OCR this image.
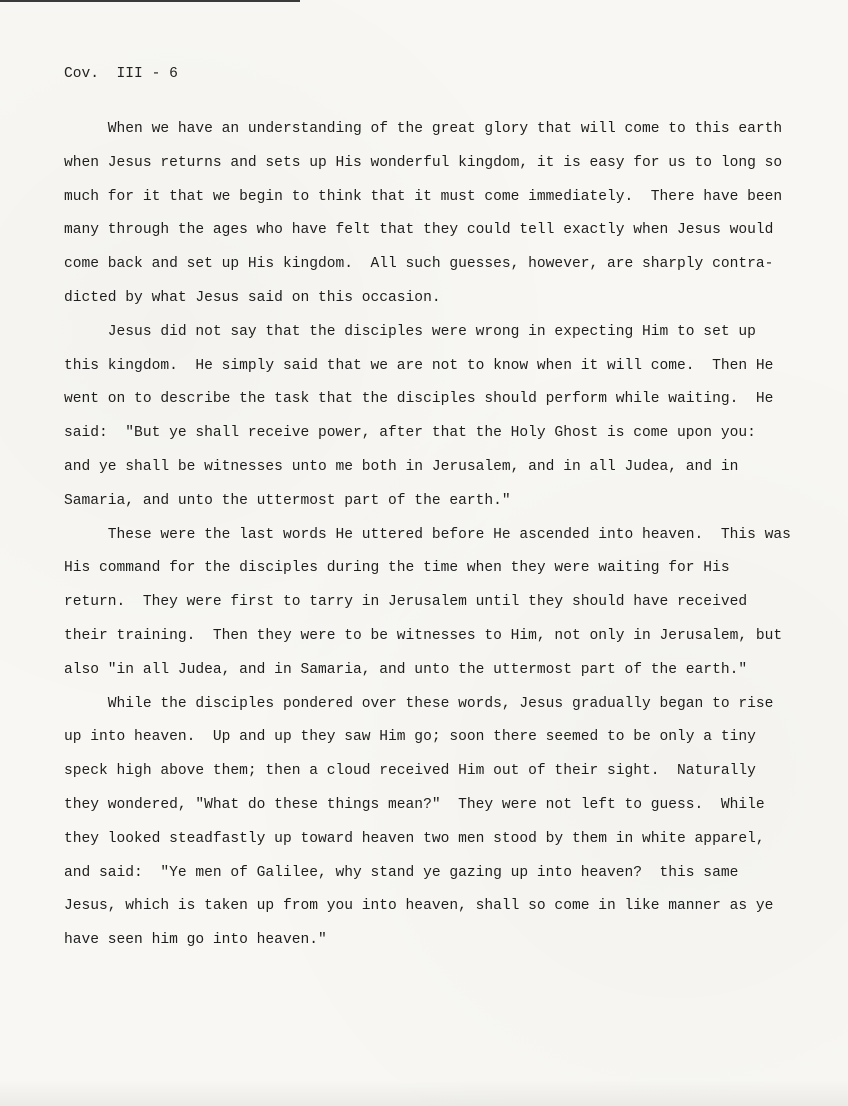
Cov.  III - 6
When we have an understanding of the great glory that will come to this earth
when Jesus returns and sets up His wonderful kingdom, it is easy for us to long so
much for it that we begin to think that it must come immediately.  There have been
many through the ages who have felt that they could tell exactly when Jesus would
come back and set up His kingdom.  All such guesses, however, are sharply contra-
dicted by what Jesus said on this occasion.
Jesus did not say that the disciples were wrong in expecting Him to set up
this kingdom.  He simply said that we are not to know when it will come.  Then He
went on to describe the task that the disciples should perform while waiting.  He
said:  "But ye shall receive power, after that the Holy Ghost is come upon you:
and ye shall be witnesses unto me both in Jerusalem, and in all Judea, and in
Samaria, and unto the uttermost part of the earth."
These were the last words He uttered before He ascended into heaven.  This was
His command for the disciples during the time when they were waiting for His
return.  They were first to tarry in Jerusalem until they should have received
their training.  Then they were to be witnesses to Him, not only in Jerusalem, but
also "in all Judea, and in Samaria, and unto the uttermost part of the earth."
While the disciples pondered over these words, Jesus gradually began to rise
up into heaven.  Up and up they saw Him go; soon there seemed to be only a tiny
speck high above them; then a cloud received Him out of their sight.  Naturally
they wondered, "What do these things mean?"  They were not left to guess.  While
they looked steadfastly up toward heaven two men stood by them in white apparel,
and said:  "Ye men of Galilee, why stand ye gazing up into heaven?  this same
Jesus, which is taken up from you into heaven, shall so come in like manner as ye
have seen him go into heaven."
